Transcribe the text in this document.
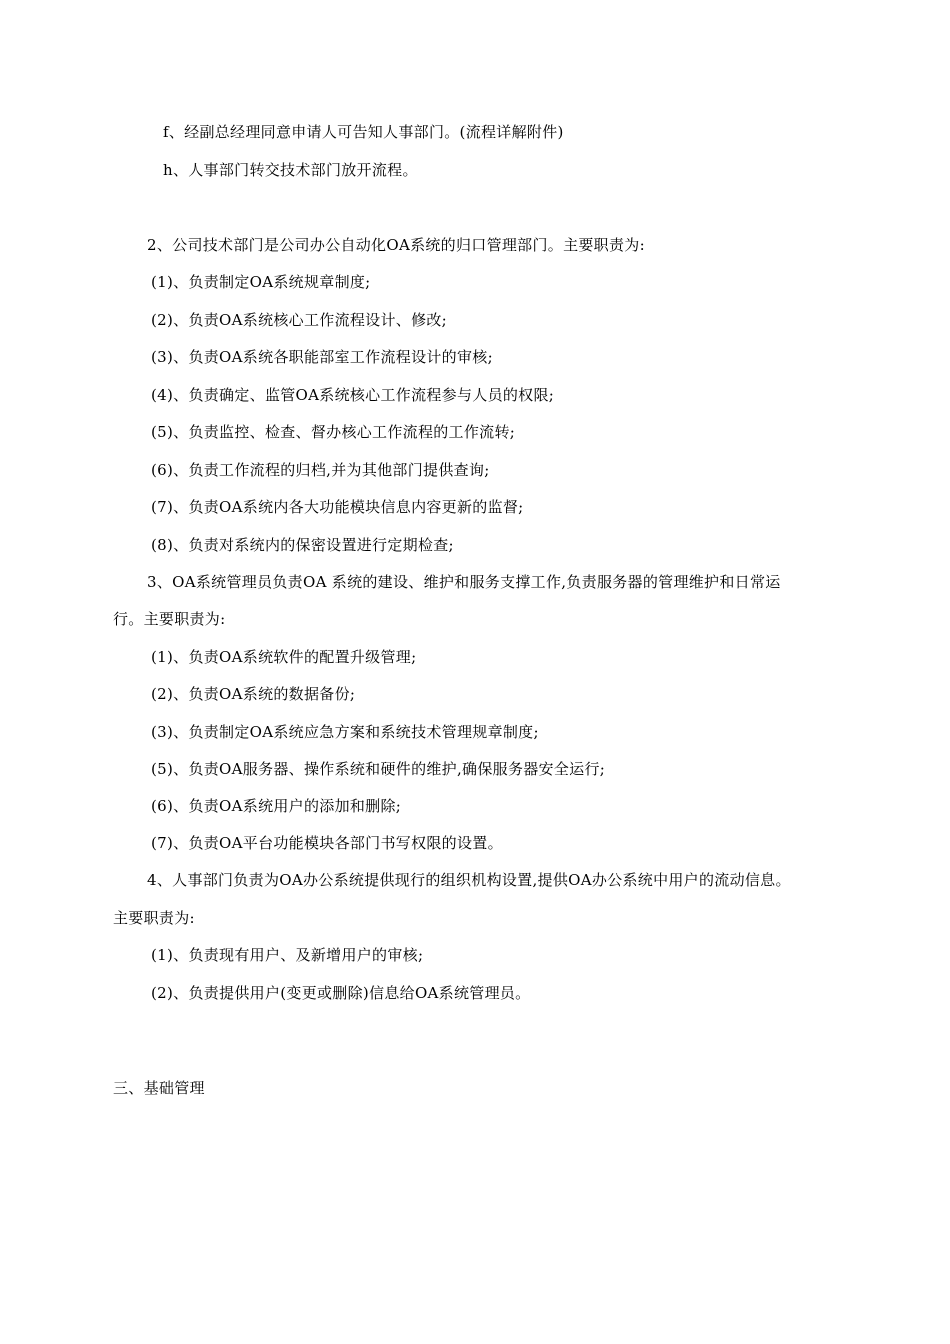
f、经副总经理同意申请人可告知人事部门。(流程详解附件)
h、人事部门转交技术部门放开流程。
2、公司技术部门是公司办公自动化OA系统的归口管理部门。主要职责为:
(1)、负责制定OA系统规章制度;
(2)、负责OA系统核心工作流程设计、修改;
(3)、负责OA系统各职能部室工作流程设计的审核;
(4)、负责确定、监管OA系统核心工作流程参与人员的权限;
(5)、负责监控、检查、督办核心工作流程的工作流转;
(6)、负责工作流程的归档,并为其他部门提供查询;
(7)、负责OA系统内各大功能模块信息内容更新的监督;
(8)、负责对系统内的保密设置进行定期检查;
3、OA系统管理员负责OA 系统的建设、维护和服务支撑工作,负责服务器的管理维护和日常运
行。主要职责为:
(1)、负责OA系统软件的配置升级管理;
(2)、负责OA系统的数据备份;
(3)、负责制定OA系统应急方案和系统技术管理规章制度;
(5)、负责OA服务器、操作系统和硬件的维护,确保服务器安全运行;
(6)、负责OA系统用户的添加和删除;
(7)、负责OA平台功能模块各部门书写权限的设置。
4、人事部门负责为OA办公系统提供现行的组织机构设置,提供OA办公系统中用户的流动信息。
主要职责为:
(1)、负责现有用户、及新增用户的审核;
(2)、负责提供用户(变更或删除)信息给OA系统管理员。
三、基础管理
